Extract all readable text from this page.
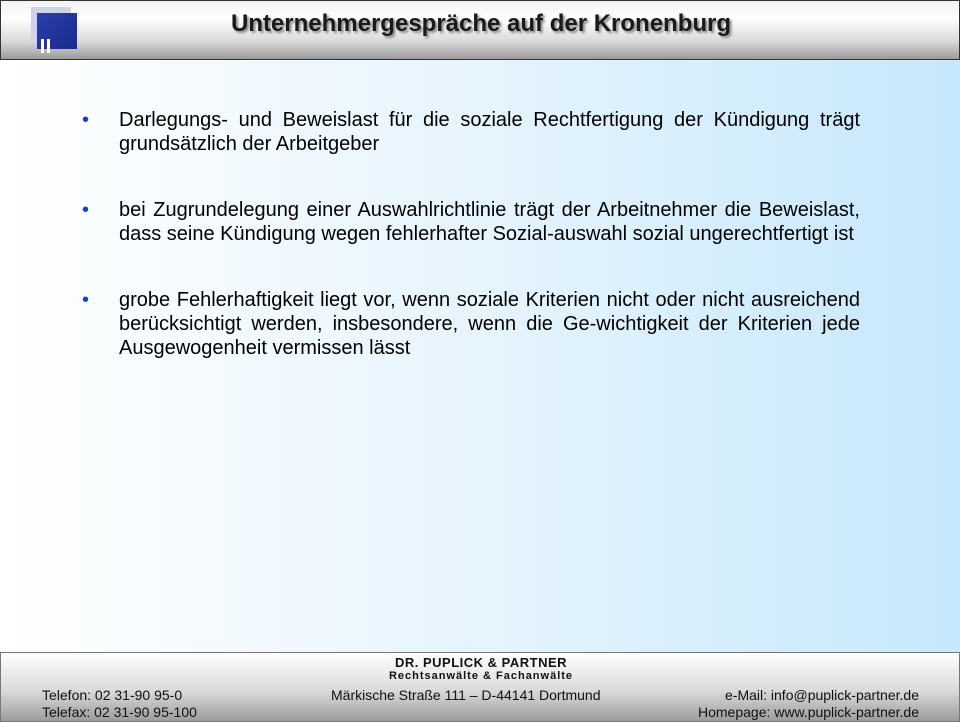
Unternehmergespräche auf der Kronenburg
• Darlegungs- und Beweislast für die soziale Rechtfertigung der Kündigung trägt grundsätzlich der Arbeitgeber
• bei Zugrundelegung einer Auswahlrichtlinie trägt der Arbeitnehmer die Beweislast, dass seine Kündigung wegen fehlerhafter Sozial-auswahl sozial ungerechtfertigt ist
• grobe Fehlerhaftigkeit liegt vor, wenn soziale Kriterien nicht oder nicht ausreichend berücksichtigt werden, insbesondere, wenn die Ge-wichtigkeit der Kriterien jede Ausgewogenheit vermissen lässt
DR. PUPLICK & PARTNER
Rechtsanwälte & Fachanwälte
Telefon: 02 31-90 95-0
Telefax: 02 31-90 95-100
Märkische Straße 111 – D-44141 Dortmund	e-Mail: info@puplick-partner.de
Homepage: www.puplick-partner.de
